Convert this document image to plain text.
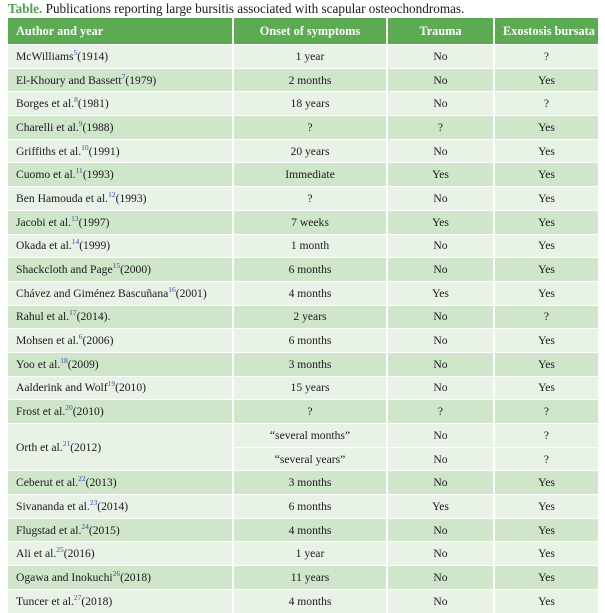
Table. Publications reporting large bursitis associated with scapular osteochondromas.
Author and year	Onset of symptoms	Trauma	Exostosis bursata
McWilliams$^5$(1914)	1 year	No	?
El-Khoury and Bassett$^7$(1979)	2 months	No	Yes
Borges et al.$^8$(1981)	18 years	No	?
Charelli et al.$^9$(1988)	?	?	Yes
Griffiths et al.$^{10}$(1991)	20 years	No	Yes
Cuomo et al.$^{11}$(1993)	Immediate	Yes	Yes
Ben Hamouda et al.$^{12}$(1993)	?	No	Yes
Jacobi et al.$^{13}$(1997)	7 weeks	Yes	Yes
Okada et al.$^{14}$(1999)	1 month	No	Yes
Shackcloth and Page$^{15}$(2000)	6 months	No	Yes
Chávez and Giménez Bascuñana$^{16}$(2001)	4 months	Yes	Yes
Rahul et al.$^{17}$(2014).	2 years	No	?
Mohsen et al.$^6$(2006)	6 months	No	Yes
Yoo et al.$^{18}$(2009)	3 months	No	Yes
Aalderink and Wolf$^{19}$(2010)	15 years	No	Yes
Frost et al.$^{20}$(2010)	?	?	?
Orth et al.$^{21}$(2012)	“several months”	No	?
	“several years”	No	?
Ceberut et al.$^{22}$(2013)	3 months	No	Yes
Sivananda et al.$^{23}$(2014)	6 months	Yes	Yes
Flugstad et al.$^{24}$(2015)	4 months	No	Yes
Ali et al.$^{25}$(2016)	1 year	No	Yes
Ogawa and Inokuchi$^{26}$(2018)	11 years	No	Yes
Tuncer et al.$^{27}$(2018)	4 months	No	Yes
